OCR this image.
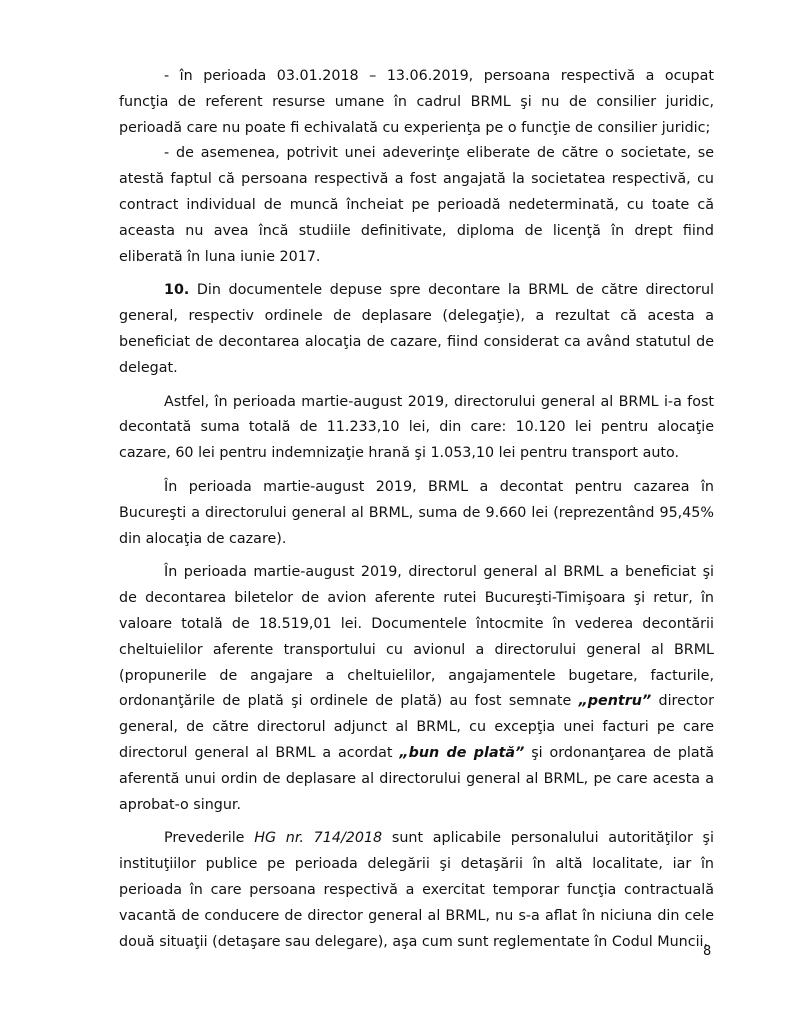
- în perioada 03.01.2018 – 13.06.2019, persoana respectivă a ocupat funcţia de referent resurse umane în cadrul BRML şi nu de consilier juridic, perioadă care nu poate fi echivalată cu experienţa pe o funcţie de consilier juridic;

- de asemenea, potrivit unei adeverinţe eliberate de către o societate, se atestă faptul că persoana respectivă a fost angajată la societatea respectivă, cu contract individual de muncă încheiat pe perioadă nedeterminată, cu toate că aceasta nu avea încă studiile definitivate, diploma de licenţă în drept fiind eliberată în luna iunie 2017.

10. Din documentele depuse spre decontare la BRML de către directorul general, respectiv ordinele de deplasare (delegaţie), a rezultat că acesta a beneficiat de decontarea alocaţia de cazare, fiind considerat ca având statutul de delegat.

Astfel, în perioada martie-august 2019, directorului general al BRML i-a fost decontată suma totală de 11.233,10 lei, din care: 10.120 lei pentru alocaţie cazare, 60 lei pentru indemnizaţie hrană şi 1.053,10 lei pentru transport auto.

În perioada martie-august 2019, BRML a decontat pentru cazarea în Bucureşti a directorului general al BRML, suma de 9.660 lei (reprezentând 95,45% din alocaţia de cazare).

În perioada martie-august 2019, directorul general al BRML a beneficiat şi de decontarea biletelor de avion aferente rutei Bucureşti-Timişoara şi retur, în valoare totală de 18.519,01 lei. Documentele întocmite în vederea decontării cheltuielilor aferente transportului cu avionul a directorului general al BRML (propunerile de angajare a cheltuielilor, angajamentele bugetare, facturile, ordonanţările de plată şi ordinele de plată) au fost semnate „pentru” director general, de către directorul adjunct al BRML, cu excepţia unei facturi pe care directorul general al BRML a acordat „bun de plată” şi ordonanţarea de plată aferentă unui ordin de deplasare al directorului general al BRML, pe care acesta a aprobat-o singur.

Prevederile HG nr. 714/2018 sunt aplicabile personalului autorităţilor şi instituţiilor publice pe perioada delegării şi detaşării în altă localitate, iar în perioada în care persoana respectivă a exercitat temporar funcţia contractuală vacantă de conducere de director general al BRML, nu s-a aflat în niciuna din cele două situaţii (detaşare sau delegare), aşa cum sunt reglementate în Codul Muncii.

8
